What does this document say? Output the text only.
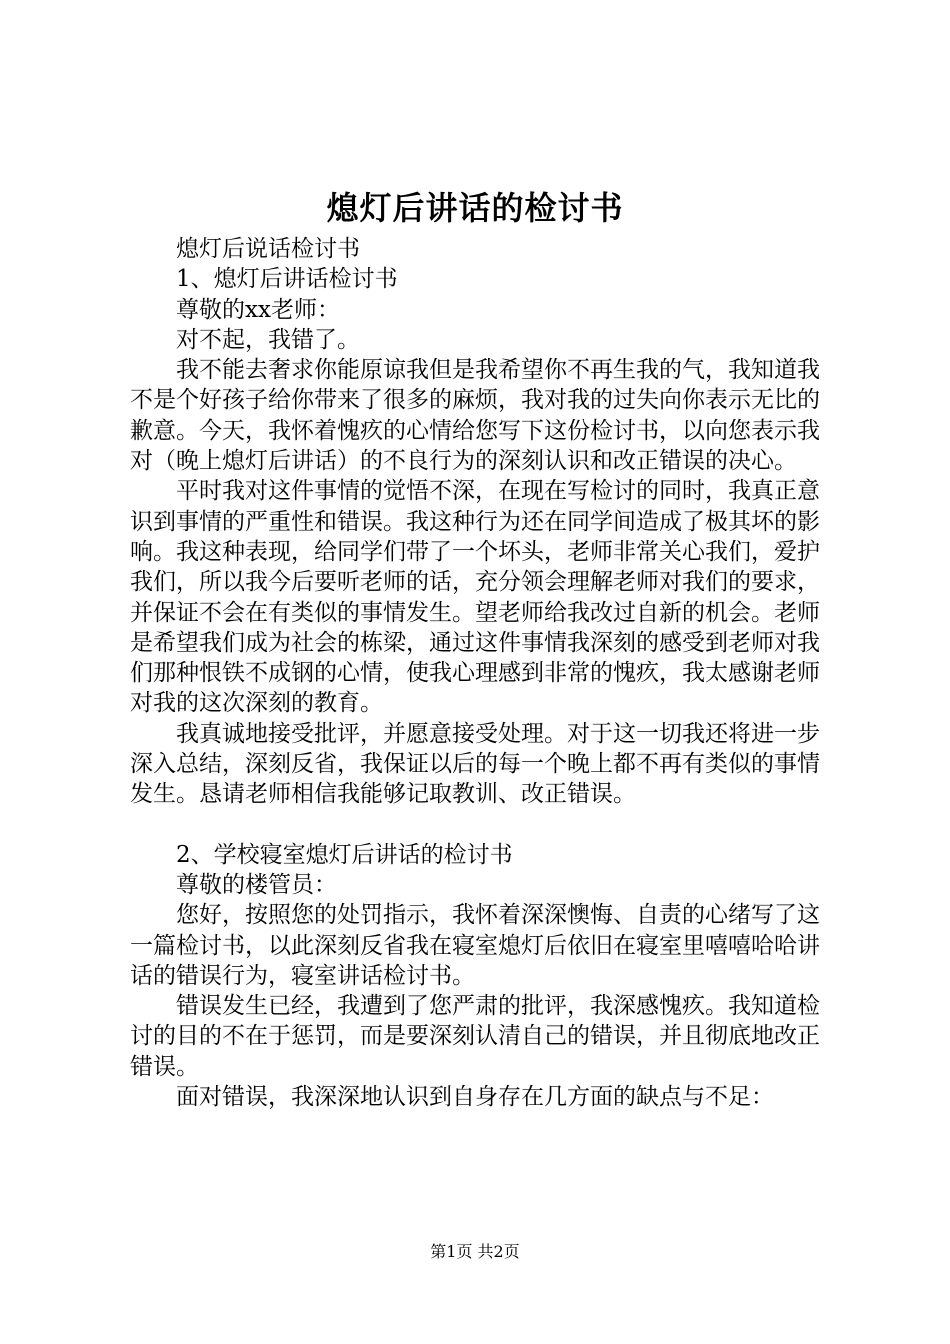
熄灯后讲话的检讨书

熄灯后说话检讨书

1、熄灯后讲话检讨书

尊敬的xx老师：

对不起，我错了。

我不能去奢求你能原谅我但是我希望你不再生我的气，我知道我不是个好孩子给你带来了很多的麻烦，我对我的过失向你表示无比的歉意。今天，我怀着愧疚的心情给您写下这份检讨书，以向您表示我对（晚上熄灯后讲话）的不良行为的深刻认识和改正错误的决心。

平时我对这件事情的觉悟不深，在现在写检讨的同时，我真正意识到事情的严重性和错误。我这种行为还在同学间造成了极其坏的影响。我这种表现，给同学们带了一个坏头，老师非常关心我们，爱护我们，所以我今后要听老师的话，充分领会理解老师对我们的要求，并保证不会在有类似的事情发生。望老师给我改过自新的机会。老师是希望我们成为社会的栋梁，通过这件事情我深刻的感受到老师对我们那种恨铁不成钢的心情，使我心理感到非常的愧疚，我太感谢老师对我的这次深刻的教育。

我真诚地接受批评，并愿意接受处理。对于这一切我还将进一步深入总结，深刻反省，我保证以后的每一个晚上都不再有类似的事情发生。恳请老师相信我能够记取教训、改正错误。

2、学校寝室熄灯后讲话的检讨书

尊敬的楼管员：

您好，按照您的处罚指示，我怀着深深懊悔、自责的心绪写了这一篇检讨书，以此深刻反省我在寝室熄灯后依旧在寝室里嘻嘻哈哈讲话的错误行为，寝室讲话检讨书。

错误发生已经，我遭到了您严肃的批评，我深感愧疚。我知道检讨的目的不在于惩罚，而是要深刻认清自己的错误，并且彻底地改正错误。

面对错误，我深深地认识到自身存在几方面的缺点与不足：

第1页 共2页
